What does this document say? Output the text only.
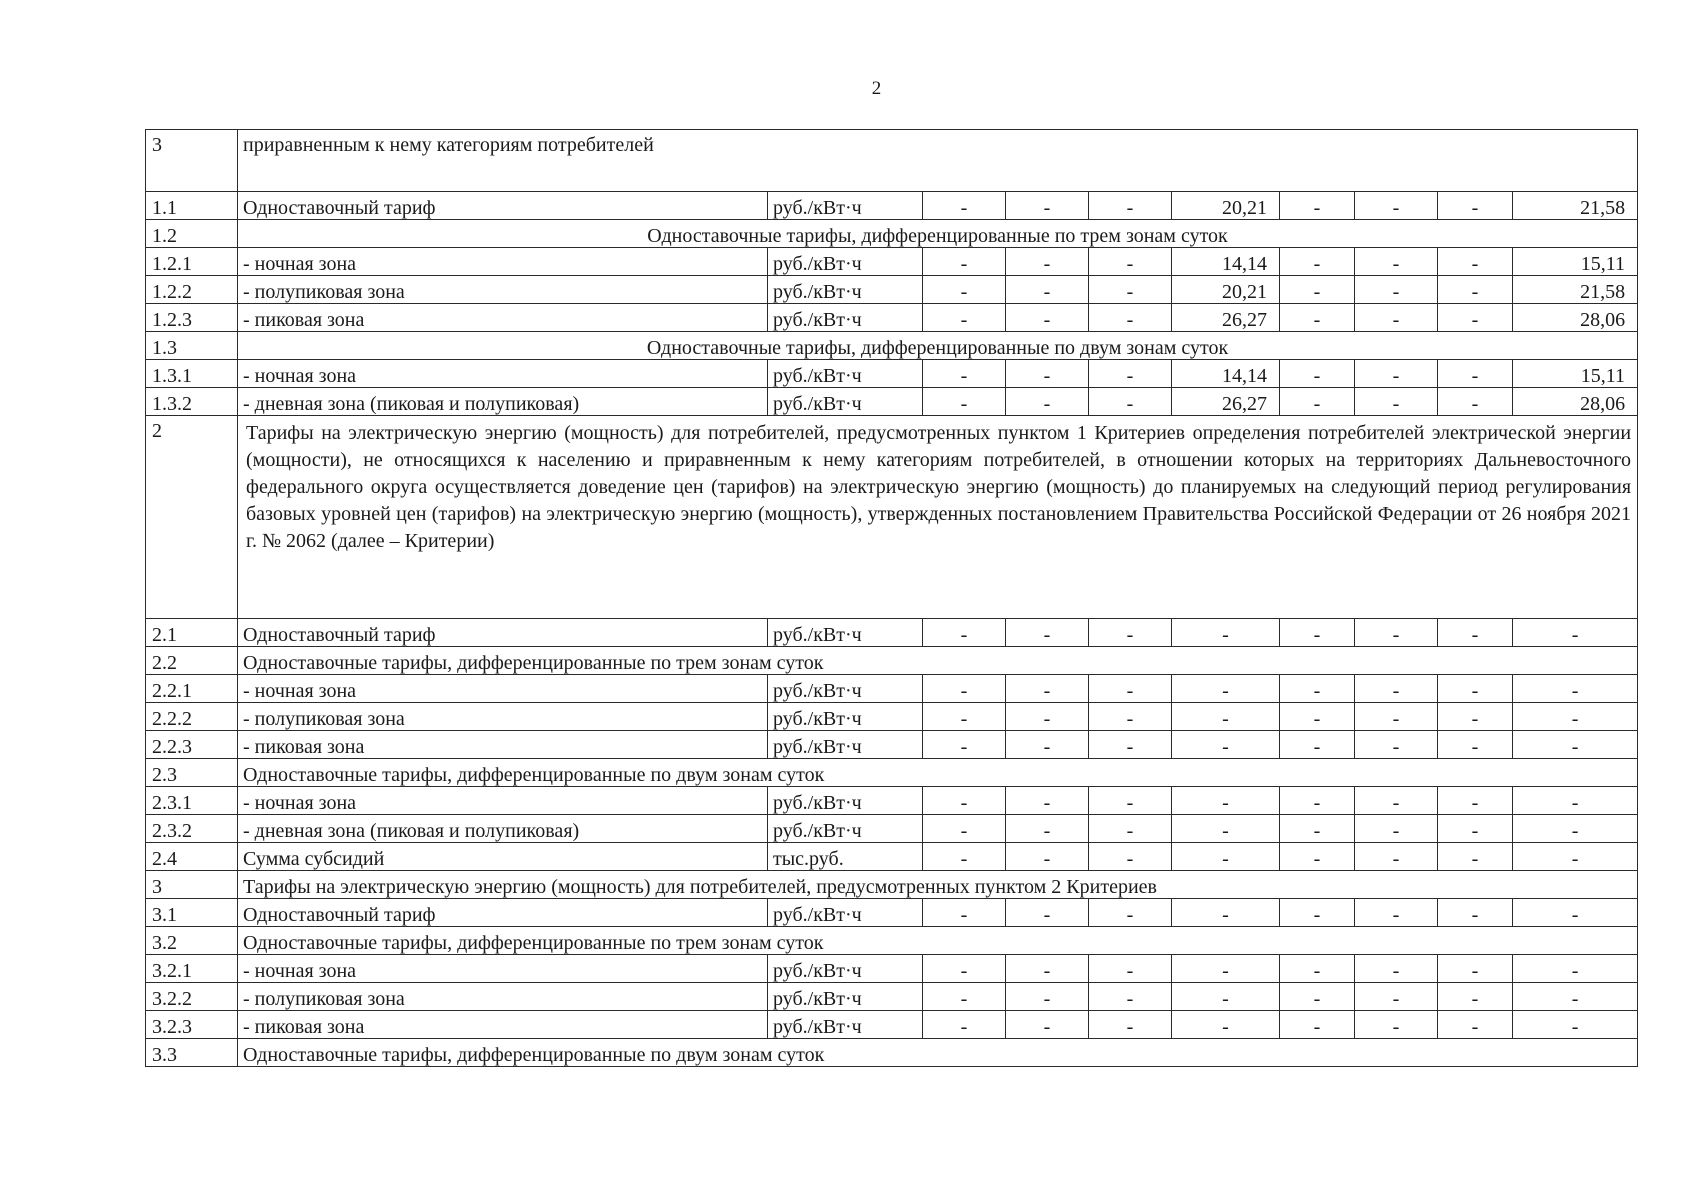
2
3	приравненным к нему категориям потребителей									
1.1	Одноставочный тариф	руб./кВт·ч	-	-	-	20,21	-	-	-	21,58
1.2	Одноставочные тарифы, дифференцированные по трем зонам суток									
1.2.1	- ночная зона	руб./кВт·ч	-	-	-	14,14	-	-	-	15,11
1.2.2	- полупиковая зона	руб./кВт·ч	-	-	-	20,21	-	-	-	21,58
1.2.3	- пиковая зона	руб./кВт·ч	-	-	-	26,27	-	-	-	28,06
1.3	Одноставочные тарифы, дифференцированные по двум зонам суток									
1.3.1	- ночная зона	руб./кВт·ч	-	-	-	14,14	-	-	-	15,11
1.3.2	- дневная зона (пиковая и полупиковая)	руб./кВт·ч	-	-	-	26,27	-	-	-	28,06
2	Тарифы на электрическую энергию (мощность) для потребителей, предусмотренных пунктом 1 Критериев определения потребителей электрической энергии (мощности), не относящихся к населению и приравненным к нему категориям потребителей, в отношении которых на территориях Дальневосточного федерального округа осуществляется доведение цен (тарифов) на электрическую энергию (мощность) до планируемых на следующий период регулирования базовых уровней цен (тарифов) на электрическую энергию (мощность), утвержденных постановлением Правительства Российской Федерации от 26 ноября 2021 г. № 2062 (далее – Критерии)									
2.1	Одноставочный тариф	руб./кВт·ч	-	-	-	-	-	-	-	-
2.2	Одноставочные тарифы, дифференцированные по трем зонам суток									
2.2.1	- ночная зона	руб./кВт·ч	-	-	-	-	-	-	-	-
2.2.2	- полупиковая зона	руб./кВт·ч	-	-	-	-	-	-	-	-
2.2.3	- пиковая зона	руб./кВт·ч	-	-	-	-	-	-	-	-
2.3	Одноставочные тарифы, дифференцированные по двум зонам суток									
2.3.1	- ночная зона	руб./кВт·ч	-	-	-	-	-	-	-	-
2.3.2	- дневная зона (пиковая и полупиковая)	руб./кВт·ч	-	-	-	-	-	-	-	-
2.4	Сумма субсидий	тыс.руб.	-	-	-	-	-	-	-	-
3	Тарифы на электрическую энергию (мощность) для потребителей, предусмотренных пунктом 2 Критериев									
3.1	Одноставочный тариф	руб./кВт·ч	-	-	-	-	-	-	-	-
3.2	Одноставочные тарифы, дифференцированные по трем зонам суток									
3.2.1	- ночная зона	руб./кВт·ч	-	-	-	-	-	-	-	-
3.2.2	- полупиковая зона	руб./кВт·ч	-	-	-	-	-	-	-	-
3.2.3	- пиковая зона	руб./кВт·ч	-	-	-	-	-	-	-	-
3.3	Одноставочные тарифы, дифференцированные по двум зонам суток									
